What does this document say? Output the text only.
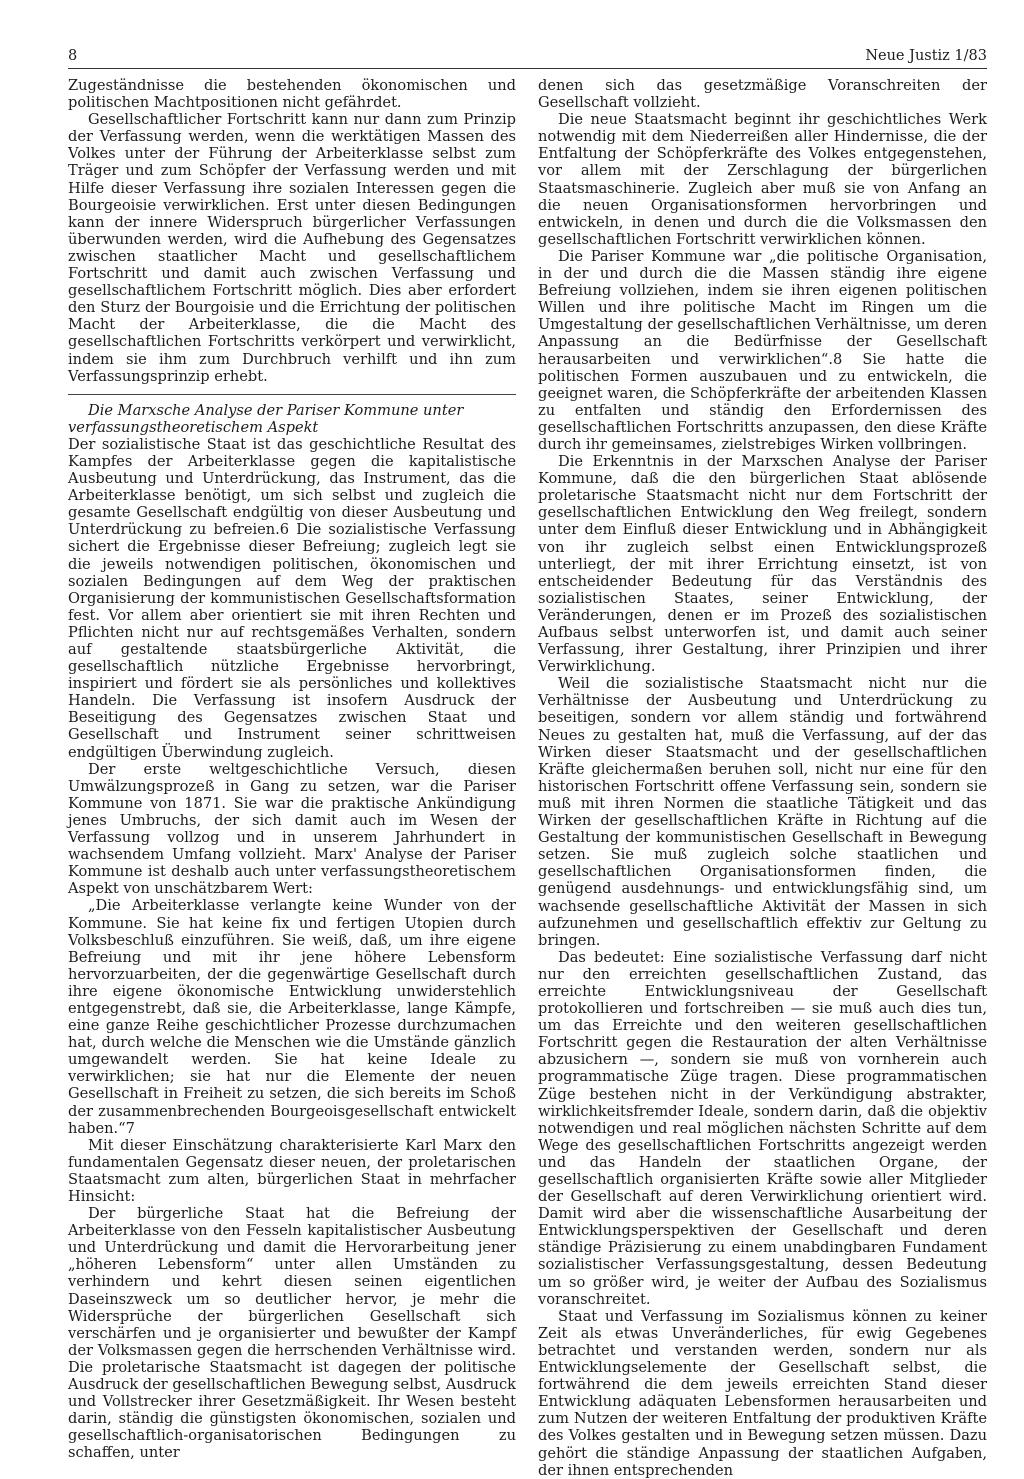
8	Neue Justiz 1/83

Zugeständnisse die bestehenden ökonomischen und politischen Machtpositionen nicht gefährdet.

Gesellschaftlicher Fortschritt kann nur dann zum Prinzip der Verfassung werden, wenn die werktätigen Massen des Volkes unter der Führung der Arbeiterklasse selbst zum Träger und zum Schöpfer der Verfassung werden und mit Hilfe dieser Verfassung ihre sozialen Interessen gegen die Bourgeoisie verwirklichen. Erst unter diesen Bedingungen kann der innere Widerspruch bürgerlicher Verfassungen überwunden werden, wird die Aufhebung des Gegensatzes zwischen staatlicher Macht und gesellschaftlichem Fortschritt und damit auch zwischen Verfassung und gesellschaftlichem Fortschritt möglich. Dies aber erfordert den Sturz der Bourgoisie und die Errichtung der politischen Macht der Arbeiterklasse, die die Macht des gesellschaftlichen Fortschritts verkörpert und verwirklicht, indem sie ihm zum Durchbruch verhilft und ihn zum Verfassungsprinzip erhebt.

Die Marxsche Analyse der Pariser Kommune unter verfassungstheoretischem Aspekt

Der sozialistische Staat ist das geschichtliche Resultat des Kampfes der Arbeiterklasse gegen die kapitalistische Ausbeutung und Unterdrückung, das Instrument, das die Arbeiterklasse benötigt, um sich selbst und zugleich die gesamte Gesellschaft endgültig von dieser Ausbeutung und Unterdrückung zu befreien.6 Die sozialistische Verfassung sichert die Ergebnisse dieser Befreiung; zugleich legt sie die jeweils notwendigen politischen, ökonomischen und sozialen Bedingungen auf dem Weg der praktischen Organisierung der kommunistischen Gesellschaftsformation fest. Vor allem aber orientiert sie mit ihren Rechten und Pflichten nicht nur auf rechtsgemäßes Verhalten, sondern auf gestaltende staatsbürgerliche Aktivität, die gesellschaftlich nützliche Ergebnisse hervorbringt, inspiriert und fördert sie als persönliches und kollektives Handeln. Die Verfassung ist insofern Ausdruck der Beseitigung des Gegensatzes zwischen Staat und Gesellschaft und Instrument seiner schrittweisen endgültigen Überwindung zugleich.

Der erste weltgeschichtliche Versuch, diesen Umwälzungsprozeß in Gang zu setzen, war die Pariser Kommune von 1871. Sie war die praktische Ankündigung jenes Umbruchs, der sich damit auch im Wesen der Verfassung vollzog und in unserem Jahrhundert in wachsendem Umfang vollzieht. Marx' Analyse der Pariser Kommune ist deshalb auch unter verfassungstheoretischem Aspekt von unschätzbarem Wert:

„Die Arbeiterklasse verlangte keine Wunder von der Kommune. Sie hat keine fix und fertigen Utopien durch Volksbeschluß einzuführen. Sie weiß, daß, um ihre eigene Befreiung und mit ihr jene höhere Lebensform hervorzuarbeiten, der die gegenwärtige Gesellschaft durch ihre eigene ökonomische Entwicklung unwiderstehlich entgegenstrebt, daß sie, die Arbeiterklasse, lange Kämpfe, eine ganze Reihe geschichtlicher Prozesse durchzumachen hat, durch welche die Menschen wie die Umstände gänzlich umgewandelt werden. Sie hat keine Ideale zu verwirklichen; sie hat nur die Elemente der neuen Gesellschaft in Freiheit zu setzen, die sich bereits im Schoß der zusammenbrechenden Bourgeoisgesellschaft entwickelt haben.“7

Mit dieser Einschätzung charakterisierte Karl Marx den fundamentalen Gegensatz dieser neuen, der proletarischen Staatsmacht zum alten, bürgerlichen Staat in mehrfacher Hinsicht:

Der bürgerliche Staat hat die Befreiung der Arbeiterklasse von den Fesseln kapitalistischer Ausbeutung und Unterdrückung und damit die Hervorarbeitung jener „höheren Lebensform“ unter allen Umständen zu verhindern und kehrt diesen seinen eigentlichen Daseinszweck um so deutlicher hervor, je mehr die Widersprüche der bürgerlichen Gesellschaft sich verschärfen und je organisierter und bewußter der Kampf der Volksmassen gegen die herrschenden Verhältnisse wird. Die proletarische Staatsmacht ist dagegen der politische Ausdruck der gesellschaftlichen Bewegung selbst, Ausdruck und Vollstrecker ihrer Gesetzmäßigkeit. Ihr Wesen besteht darin, ständig die günstigsten ökonomischen, sozialen und gesellschaftlich-organisatorischen Bedingungen zu schaffen, unter

denen sich das gesetzmäßige Voranschreiten der Gesellschaft vollzieht.

Die neue Staatsmacht beginnt ihr geschichtliches Werk notwendig mit dem Niederreißen aller Hindernisse, die der Entfaltung der Schöpferkräfte des Volkes entgegenstehen, vor allem mit der Zerschlagung der bürgerlichen Staatsmaschinerie. Zugleich aber muß sie von Anfang an die neuen Organisationsformen hervorbringen und entwickeln, in denen und durch die die Volksmassen den gesellschaftlichen Fortschritt verwirklichen können.

Die Pariser Kommune war „die politische Organisation, in der und durch die die Massen ständig ihre eigene Befreiung vollziehen, indem sie ihren eigenen politischen Willen und ihre politische Macht im Ringen um die Umgestaltung der gesellschaftlichen Verhältnisse, um deren Anpassung an die Bedürfnisse der Gesellschaft herausarbeiten und verwirklichen“.8 Sie hatte die politischen Formen auszubauen und zu entwickeln, die geeignet waren, die Schöpferkräfte der arbeitenden Klassen zu entfalten und ständig den Erfordernissen des gesellschaftlichen Fortschritts anzupassen, den diese Kräfte durch ihr gemeinsames, zielstrebiges Wirken vollbringen.

Die Erkenntnis in der Marxschen Analyse der Pariser Kommune, daß die den bürgerlichen Staat ablösende proletarische Staatsmacht nicht nur dem Fortschritt der gesellschaftlichen Entwicklung den Weg freilegt, sondern unter dem Einfluß dieser Entwicklung und in Abhängigkeit von ihr zugleich selbst einen Entwicklungsprozeß unterliegt, der mit ihrer Errichtung einsetzt, ist von entscheidender Bedeutung für das Verständnis des sozialistischen Staates, seiner Entwicklung, der Veränderungen, denen er im Prozeß des sozialistischen Aufbaus selbst unterworfen ist, und damit auch seiner Verfassung, ihrer Gestaltung, ihrer Prinzipien und ihrer Verwirklichung.

Weil die sozialistische Staatsmacht nicht nur die Verhältnisse der Ausbeutung und Unterdrückung zu beseitigen, sondern vor allem ständig und fortwährend Neues zu gestalten hat, muß die Verfassung, auf der das Wirken dieser Staatsmacht und der gesellschaftlichen Kräfte gleichermaßen beruhen soll, nicht nur eine für den historischen Fortschritt offene Verfassung sein, sondern sie muß mit ihren Normen die staatliche Tätigkeit und das Wirken der gesellschaftlichen Kräfte in Richtung auf die Gestaltung der kommunistischen Gesellschaft in Bewegung setzen. Sie muß zugleich solche staatlichen und gesellschaftlichen Organisationsformen finden, die genügend ausdehnungs- und entwicklungsfähig sind, um wachsende gesellschaftliche Aktivität der Massen in sich aufzunehmen und gesellschaftlich effektiv zur Geltung zu bringen.

Das bedeutet: Eine sozialistische Verfassung darf nicht nur den erreichten gesellschaftlichen Zustand, das erreichte Entwicklungsniveau der Gesellschaft protokollieren und fortschreiben — sie muß auch dies tun, um das Erreichte und den weiteren gesellschaftlichen Fortschritt gegen die Restauration der alten Verhältnisse abzusichern —, sondern sie muß von vornherein auch programmatische Züge tragen. Diese programmatischen Züge bestehen nicht in der Verkündigung abstrakter, wirklichkeitsfremder Ideale, sondern darin, daß die objektiv notwendigen und real möglichen nächsten Schritte auf dem Wege des gesellschaftlichen Fortschritts angezeigt werden und das Handeln der staatlichen Organe, der gesellschaftlich organisierten Kräfte sowie aller Mitglieder der Gesellschaft auf deren Verwirklichung orientiert wird. Damit wird aber die wissenschaftliche Ausarbeitung der Entwicklungsperspektiven der Gesellschaft und deren ständige Präzisierung zu einem unabdingbaren Fundament sozialistischer Verfassungsgestaltung, dessen Bedeutung um so größer wird, je weiter der Aufbau des Sozialismus voranschreitet.

Staat und Verfassung im Sozialismus können zu keiner Zeit als etwas Unveränderliches, für ewig Gegebenes betrachtet und verstanden werden, sondern nur als Entwicklungselemente der Gesellschaft selbst, die fortwährend die dem jeweils erreichten Stand dieser Entwicklung adäquaten Lebensformen herausarbeiten und zum Nutzen der weiteren Entfaltung der produktiven Kräfte des Volkes gestalten und in Bewegung setzen müssen. Dazu gehört die ständige Anpassung der staatlichen Aufgaben, der ihnen entsprechenden
